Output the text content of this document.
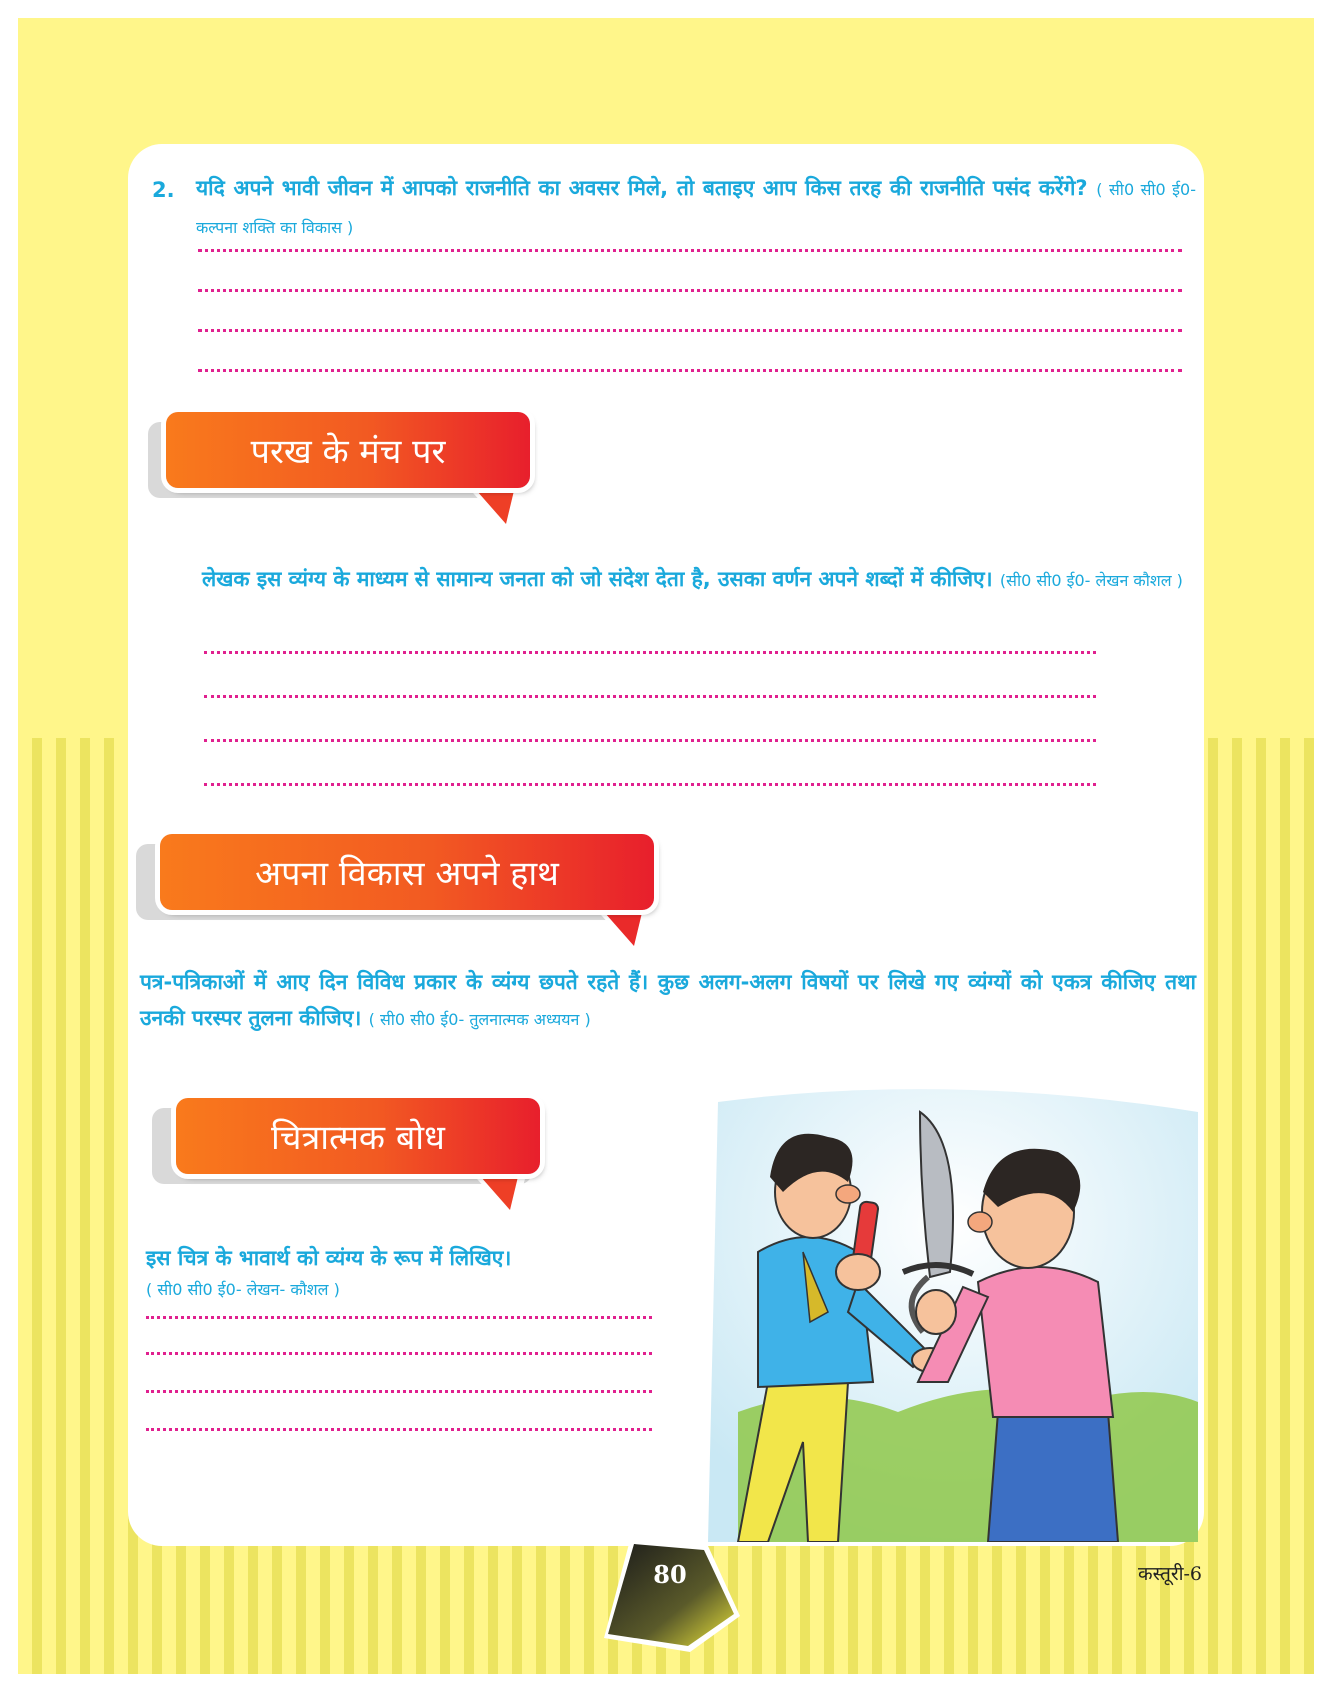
2. यदि अपने भावी जीवन में आपको राजनीति का अवसर मिले, तो बताइए आप किस तरह की राजनीति पसंद करेंगे? ( सी0 सी0 ई0- कल्पना शक्ति का विकास )

परख के मंच पर

लेखक इस व्यंग्य के माध्यम से सामान्य जनता को जो संदेश देता है, उसका वर्णन अपने शब्दों में कीजिए। (सी0 सी0 ई0- लेखन कौशल )

अपना विकास अपने हाथ

पत्र-पत्रिकाओं में आए दिन विविध प्रकार के व्यंग्य छपते रहते हैं। कुछ अलग-अलग विषयों पर लिखे गए व्यंग्यों को एकत्र कीजिए तथा उनकी परस्पर तुलना कीजिए। ( सी0 सी0 ई0- तुलनात्मक अध्ययन )

चित्रात्मक बोध

इस चित्र के भावार्थ को व्यंग्य के रूप में लिखिए।

( सी0 सी0 ई0- लेखन- कौशल )

80	कस्तूरी-6
